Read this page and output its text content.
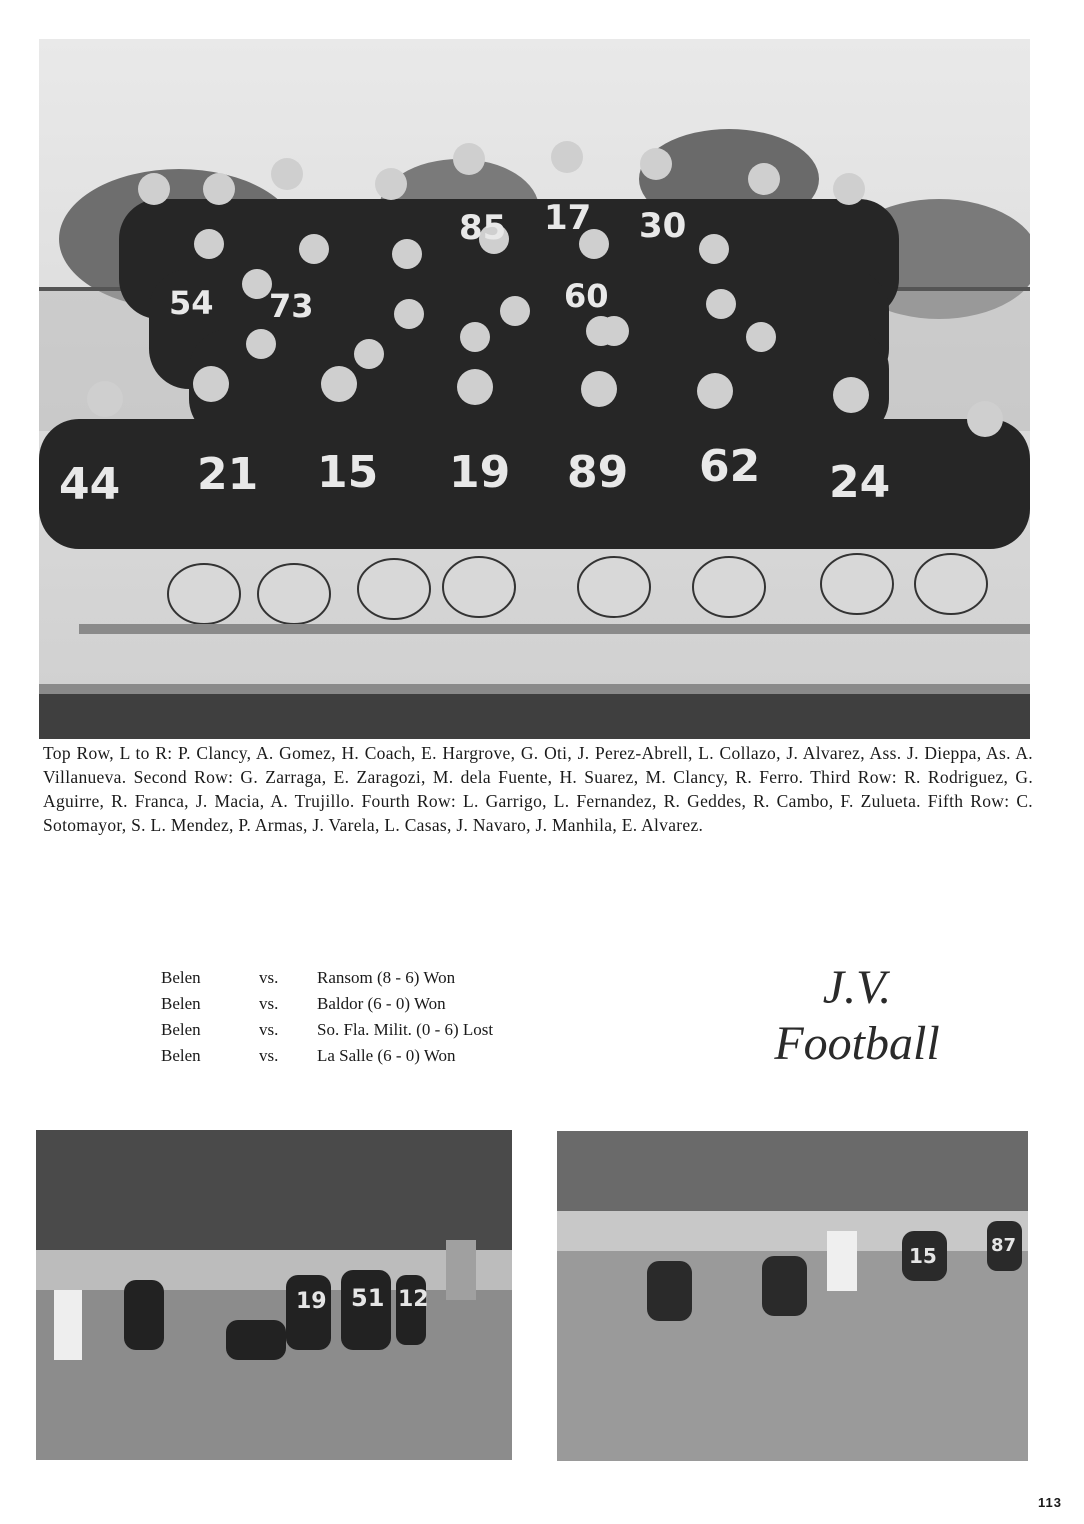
85 17 30
54 73	60
44 21 15 19 89 62 24
Top Row, L to R: P. Clancy, A. Gomez, H. Coach, E. Hargrove, G. Oti, J. Perez-Abrell, L. Collazo, J. Alvarez, Ass. J. Dieppa, As. A. Villanueva. Second Row: G. Zarraga, E. Zaragozi, M. dela Fuente, H. Suarez, M. Clancy, R. Ferro. Third Row: R. Rodriguez, G. Aguirre, R. Franca, J. Macia, A. Trujillo. Fourth Row: L. Garrigo, L. Fernandez, R. Geddes, R. Cambo, F. Zulueta. Fifth Row: C. Sotomayor, S. L. Mendez, P. Armas, J. Varela, L. Casas, J. Navaro, J. Manhila, E. Alvarez.
Belen	vs.	Ransom (8 - 6) Won
Belen	vs.	Baldor (6 - 0) Won
Belen	vs.	So. Fla. Milit. (0 - 6) Lost
Belen	vs.	La Salle (6 - 0) Won
J.V.
Football
19 51 12
15	87
113
